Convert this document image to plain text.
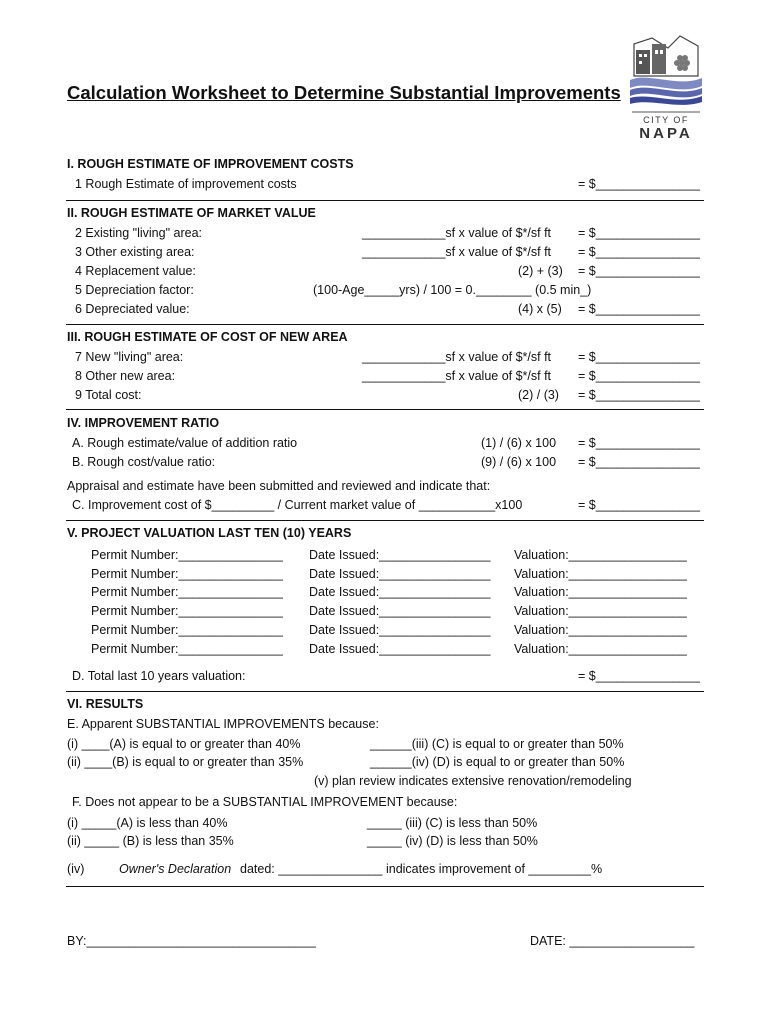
CITY OF
NAPA
Calculation Worksheet to Determine Substantial Improvements
I. ROUGH ESTIMATE OF IMPROVEMENT COSTS
1 Rough Estimate of improvement costs	= $_______________
II. ROUGH ESTIMATE OF MARKET VALUE
2 Existing "living" area:	____________sf x value of $*/sf ft = $_______________
3 Other existing area:	____________sf x value of $*/sf ft = $_______________
4 Replacement value:	(2) + (3) = $_______________
5 Depreciation factor:	(100-Age_____yrs) / 100 = 0.________ (0.5 min_)
6 Depreciated value:	(4) x (5) = $_______________
III. ROUGH ESTIMATE OF COST OF NEW AREA
7 New "living" area:	____________sf x value of $*/sf ft = $_______________
8 Other new area:	____________sf x value of $*/sf ft = $_______________
9 Total cost:	(2) / (3) = $_______________
IV. IMPROVEMENT RATIO
A. Rough estimate/value of addition ratio	(1) / (6) x 100 = $_______________
B. Rough cost/value ratio:	(9) / (6) x 100 = $_______________
Appraisal and estimate have been submitted and reviewed and indicate that:
C. Improvement cost of $_________ / Current market value of ___________x100	= $_______________
V. PROJECT VALUATION LAST TEN (10) YEARS
Permit Number:_______________ Date Issued:________________ Valuation:_________________
Permit Number:_______________ Date Issued:________________ Valuation:_________________
Permit Number:_______________ Date Issued:________________ Valuation:_________________
Permit Number:_______________ Date Issued:________________ Valuation:_________________
Permit Number:_______________ Date Issued:________________ Valuation:_________________
Permit Number:_______________ Date Issued:________________ Valuation:_________________
D. Total last 10 years valuation:	= $_______________
VI. RESULTS
E. Apparent SUBSTANTIAL IMPROVEMENTS because:
(i) ____(A) is equal to or greater than 40%	______(iii) (C) is equal to or greater than 50%
(ii) ____(B) is equal to or greater than 35%	______(iv) (D) is equal to or greater than 50%
(v) plan review indicates extensive renovation/remodeling
F. Does not appear to be a SUBSTANTIAL IMPROVEMENT because:
(i) _____(A) is less than 40%	_____ (iii) (C) is less than 50%
(ii) _____ (B) is less than 35%	_____ (iv) (D) is less than 50%
(iv)	Owner's Declaration dated: _______________ indicates improvement of _________%
BY:_________________________________	DATE: __________________
